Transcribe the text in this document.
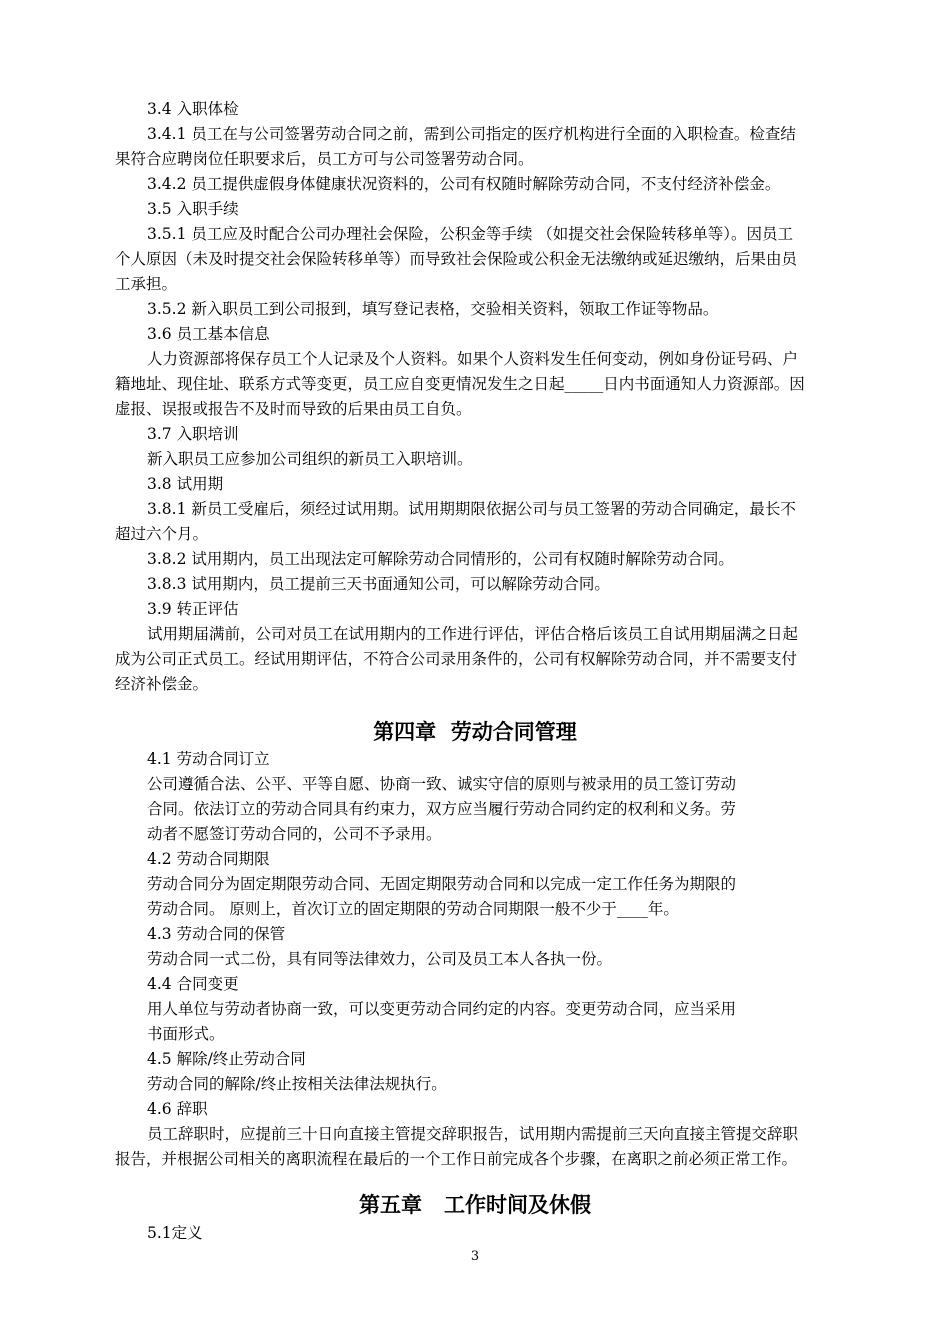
3.4 入职体检
3.4.1 员工在与公司签署劳动合同之前，需到公司指定的医疗机构进行全面的入职检查。检查结
果符合应聘岗位任职要求后，员工方可与公司签署劳动合同。
3.4.2 员工提供虚假身体健康状况资料的，公司有权随时解除劳动合同，不支付经济补偿金。
3.5 入职手续
3.5.1 员工应及时配合公司办理社会保险，公积金等手续 （如提交社会保险转移单等）。因员工
个人原因（未及时提交社会保险转移单等）而导致社会保险或公积金无法缴纳或延迟缴纳，后果由员
工承担。
3.5.2 新入职员工到公司报到，填写登记表格，交验相关资料，领取工作证等物品。
3.6 员工基本信息
人力资源部将保存员工个人记录及个人资料。如果个人资料发生任何变动，例如身份证号码、户
籍地址、现住址、联系方式等变更，员工应自变更情况发生之日起_____日内书面通知人力资源部。因
虚报、误报或报告不及时而导致的后果由员工自负。
3.7 入职培训
新入职员工应参加公司组织的新员工入职培训。
3.8 试用期
3.8.1 新员工受雇后，须经过试用期。试用期期限依据公司与员工签署的劳动合同确定，最长不
超过六个月。
3.8.2 试用期内，员工出现法定可解除劳动合同情形的，公司有权随时解除劳动合同。
3.8.3 试用期内，员工提前三天书面通知公司，可以解除劳动合同。
3.9 转正评估
试用期届满前，公司对员工在试用期内的工作进行评估，评估合格后该员工自试用期届满之日起
成为公司正式员工。经试用期评估，不符合公司录用条件的，公司有权解除劳动合同，并不需要支付
经济补偿金。
第四章  劳动合同管理
4.1 劳动合同订立
公司遵循合法、公平、平等自愿、协商一致、诚实守信的原则与被录用的员工签订劳动
合同。依法订立的劳动合同具有约束力，双方应当履行劳动合同约定的权利和义务。劳
动者不愿签订劳动合同的，公司不予录用。
4.2 劳动合同期限
劳动合同分为固定期限劳动合同、无固定期限劳动合同和以完成一定工作任务为期限的
劳动合同。 原则上，首次订立的固定期限的劳动合同期限一般不少于____年。
4.3 劳动合同的保管
劳动合同一式二份，具有同等法律效力，公司及员工本人各执一份。
4.4 合同变更
用人单位与劳动者协商一致，可以变更劳动合同约定的内容。变更劳动合同，应当采用
书面形式。
4.5 解除/终止劳动合同
劳动合同的解除/终止按相关法律法规执行。
4.6 辞职
员工辞职时，应提前三十日向直接主管提交辞职报告，试用期内需提前三天向直接主管提交辞职
报告，并根据公司相关的离职流程在最后的一个工作日前完成各个步骤，在离职之前必须正常工作。
第五章   工作时间及休假
5.1定义
3
